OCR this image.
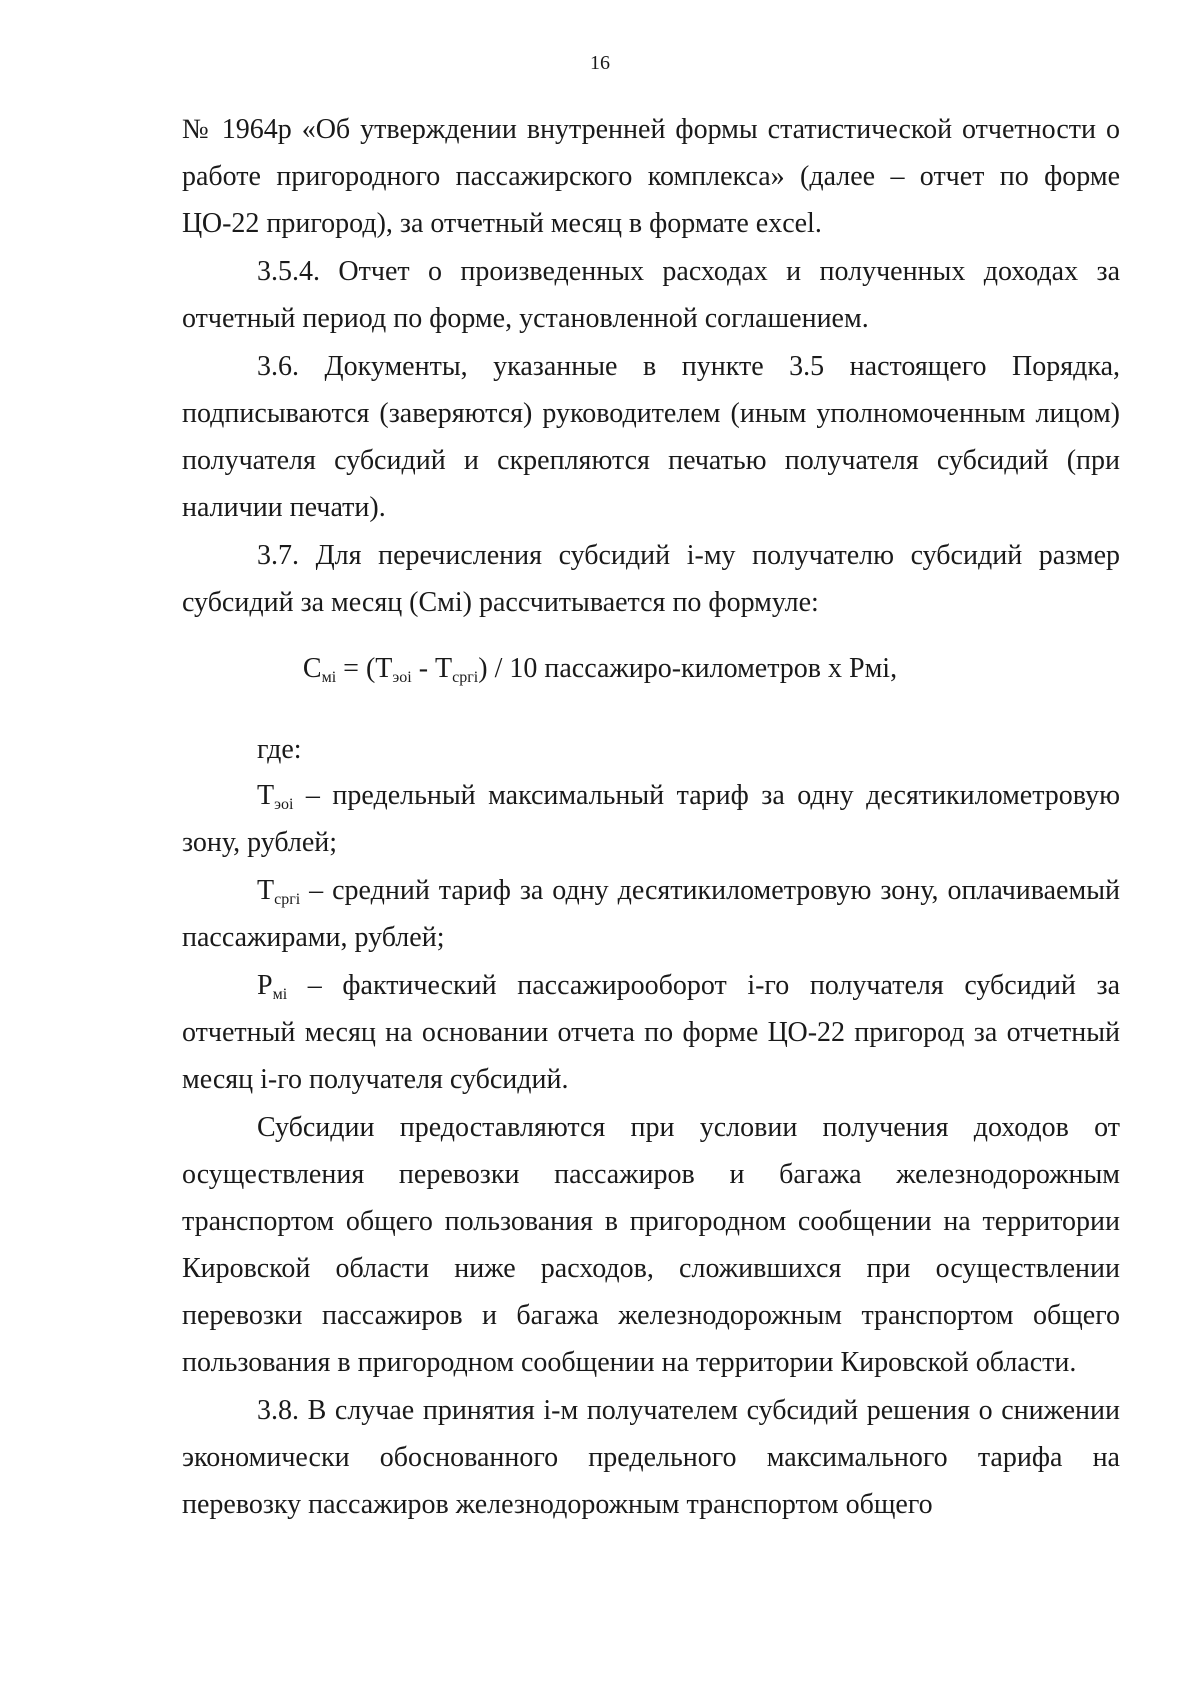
16

№ 1964р «Об утверждении внутренней формы статистической отчетности о работе пригородного пассажирского комплекса» (далее – отчет по форме ЦО-22 пригород), за отчетный месяц в формате excel.

3.5.4. Отчет о произведенных расходах и полученных доходах за отчетный период по форме, установленной соглашением.

3.6. Документы, указанные в пункте 3.5 настоящего Порядка, подписываются (заверяются) руководителем (иным уполномоченным лицом) получателя субсидий и скрепляются печатью получателя субсидий (при наличии печати).

3.7. Для перечисления субсидий i-му получателю субсидий размер субсидий за месяц (Смi) рассчитывается по формуле:

$С_{мi} = (Т_{эоi} - Т_{сргi}) / 10$ пассажиро-километров х Рмi,
где:

$Т_{эоi}$ – предельный максимальный тариф за одну десятикилометровую зону, рублей;

$Т_{сргi}$ – средний тариф за одну десятикилометровую зону, оплачиваемый пассажирами, рублей;

$Р_{мi}$ – фактический пассажирооборот i-го получателя субсидий за отчетный месяц на основании отчета по форме ЦО-22 пригород за отчетный месяц i-го получателя субсидий.

Субсидии предоставляются при условии получения доходов от осуществления перевозки пассажиров и багажа железнодорожным транспортом общего пользования в пригородном сообщении на территории Кировской области ниже расходов, сложившихся при осуществлении перевозки пассажиров и багажа железнодорожным транспортом общего пользования в пригородном сообщении на территории Кировской области.

3.8. В случае принятия i-м получателем субсидий решения о снижении экономически обоснованного предельного максимального тарифа на перевозку пассажиров железнодорожным транспортом общего
